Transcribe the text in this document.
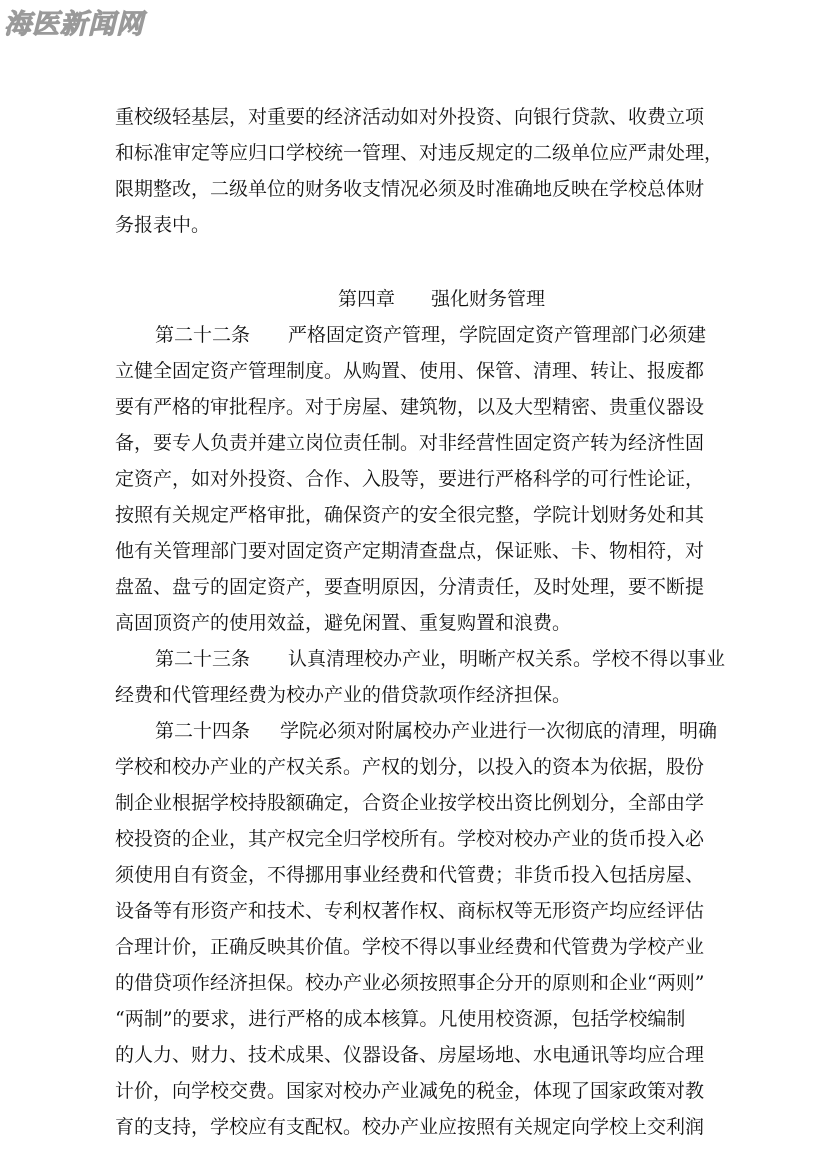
海医新闻网
重校级轻基层，对重要的经济活动如对外投资、向银行贷款、收费立项
和标准审定等应归口学校统一管理、对违反规定的二级单位应严肃处理，
限期整改，二级单位的财务收支情况必须及时准确地反映在学校总体财
务报表中。
第四章 强化财务管理
第二十二条 严格固定资产管理，学院固定资产管理部门必须建
立健全固定资产管理制度。从购置、使用、保管、清理、转让、报废都
要有严格的审批程序。对于房屋、建筑物，以及大型精密、贵重仪器设
备，要专人负责并建立岗位责任制。对非经营性固定资产转为经济性固
定资产，如对外投资、合作、入股等，要进行严格科学的可行性论证，
按照有关规定严格审批，确保资产的安全很完整，学院计划财务处和其
他有关管理部门要对固定资产定期清查盘点，保证账、卡、物相符，对
盘盈、盘亏的固定资产，要查明原因，分清责任，及时处理，要不断提
高固顶资产的使用效益，避免闲置、重复购置和浪费。
第二十三条 认真清理校办产业，明晰产权关系。学校不得以事业
经费和代管理经费为校办产业的借贷款项作经济担保。
第二十四条 学院必须对附属校办产业进行一次彻底的清理，明确
学校和校办产业的产权关系。产权的划分，以投入的资本为依据，股份
制企业根据学校持股额确定，合资企业按学校出资比例划分，全部由学
校投资的企业，其产权完全归学校所有。学校对校办产业的货币投入必
须使用自有资金，不得挪用事业经费和代管费；非货币投入包括房屋、
设备等有形资产和技术、专利权著作权、商标权等无形资产均应经评估
合理计价，正确反映其价值。学校不得以事业经费和代管费为学校产业
的借贷项作经济担保。校办产业必须按照事企分开的原则和企业“两则”
“两制”的要求，进行严格的成本核算。凡使用校资源，包括学校编制
的人力、财力、技术成果、仪器设备、房屋场地、水电通讯等均应合理
计价，向学校交费。国家对校办产业减免的税金，体现了国家政策对教
育的支持，学校应有支配权。校办产业应按照有关规定向学校上交利润
